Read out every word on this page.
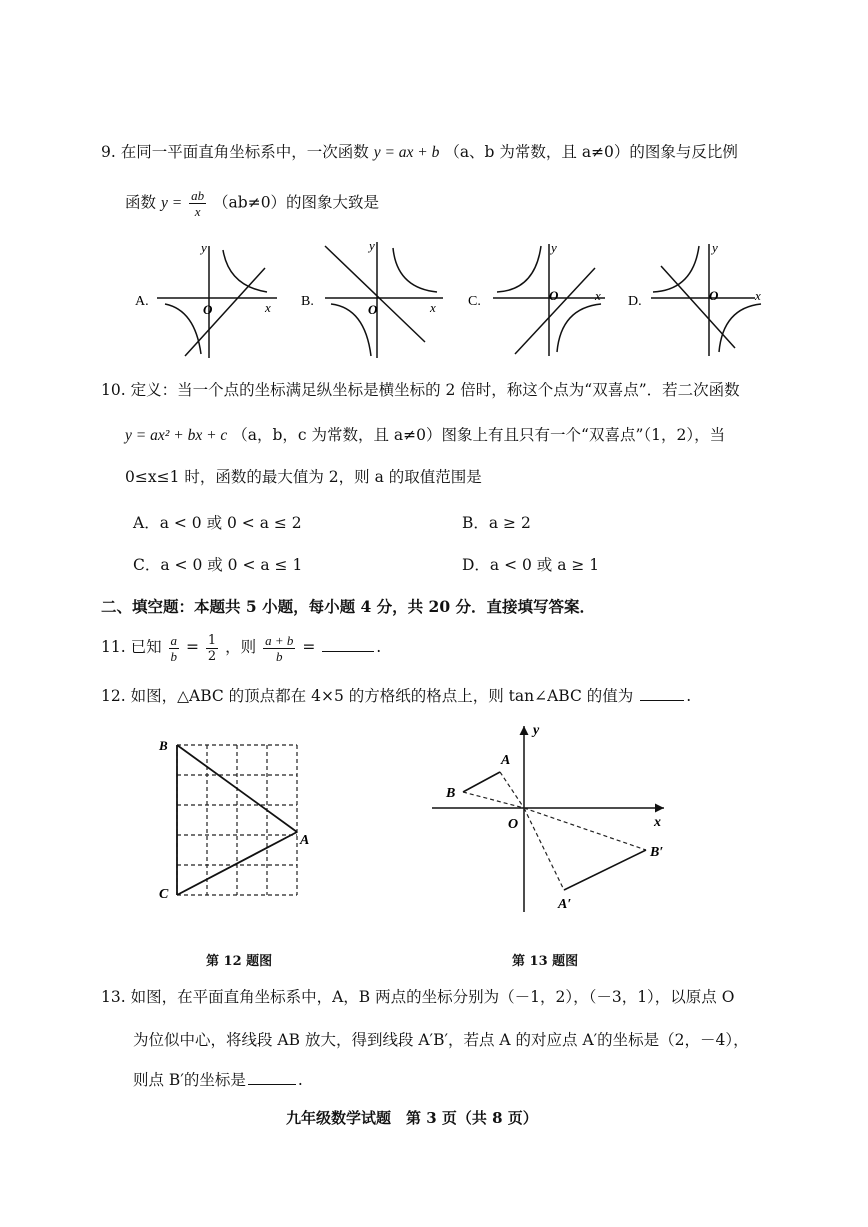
9. 在同一平面直角坐标系中，一次函数 y = ax + b （a、b 为常数，且 a≠0）的图象与反比例
函数 $y = \frac{ab}{x} (ab\ne 0)$的图象大致是
A.
y
x
O
B.
y
x
O
C.
y
x
O	D.
y
x
O
10. 定义：当一个点的坐标满足纵坐标是横坐标的 2 倍时，称这个点为“双喜点”．若二次函数
y = ax² + bx + c （a，b，c 为常数，且 a≠0）图象上有且只有一个“双喜点”（1，2），当
0≤x≤1 时，函数的最大值为 2，则 a 的取值范围是
A．a < 0 或 0 < a ≤ 2	B．a ≥ 2
C．a < 0 或 0 < a ≤ 1	D．a < 0 或 a ≥ 1
二、填空题：本题共 5 小题，每小题 4 分，共 20 分．直接填写答案．
11. 已知 $\frac{a}{b} = \frac{1}{2}$ ，则 $\frac{a + b}{b}$ =	.
12. 如图，△ABC 的顶点都在 4×5 的方格纸的格点上，则 tan∠ABC 的值为	.
B
A
C
第 12 题图
y
x
O
A
B
A′
B′
第 13 题图
13. 如图，在平面直角坐标系中，A，B 两点的坐标分别为（－1，2），（－3，1），以原点 O
为位似中心，将线段 AB 放大，得到线段 A′B′，若点 A 的对应点 A′的坐标是（2，－4），
则点 B′的坐标是	.
九年级数学试题　第 3 页（共 8 页）
